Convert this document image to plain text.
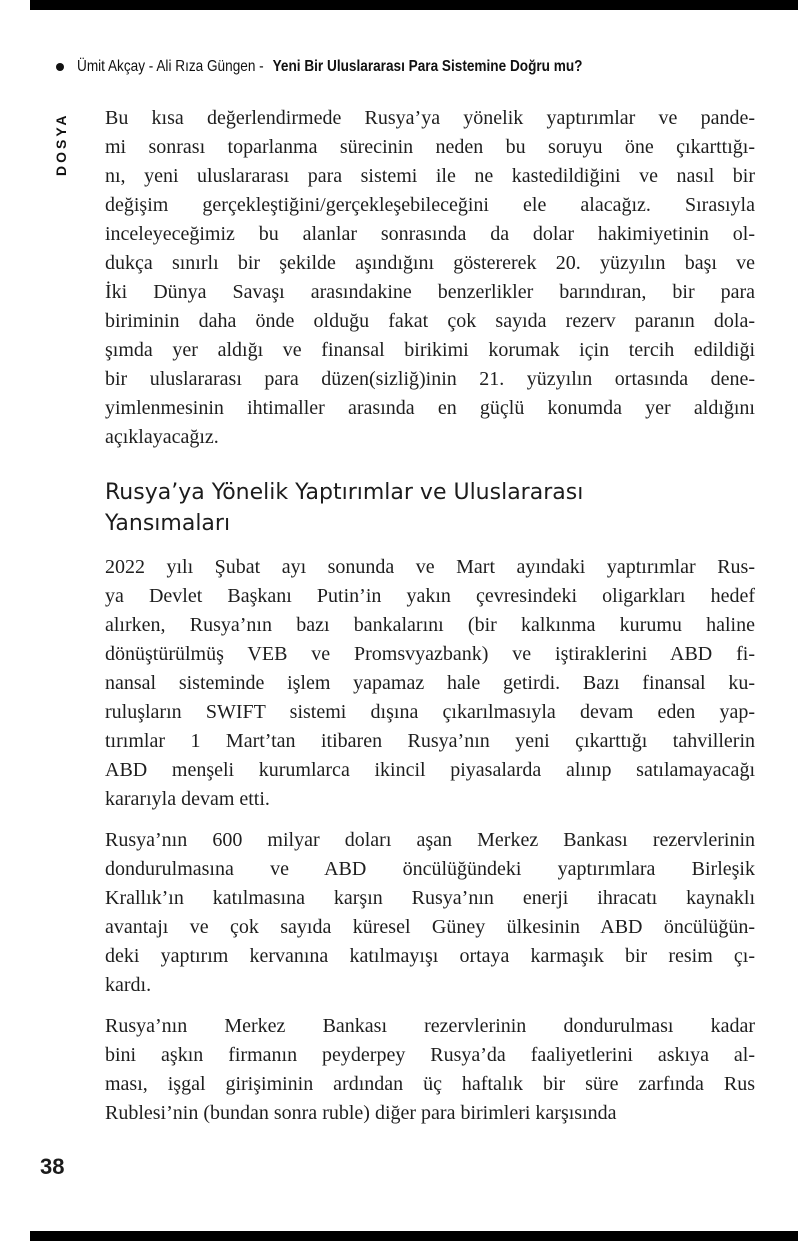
Ümit Akçay - Ali Rıza Güngen - Yeni Bir Uluslararası Para Sistemine Doğru mu?
DOSYA Bu kısa değerlendirmede Rusya’ya yönelik yaptırımlar ve pande-
mi sonrası toparlanma sürecinin neden bu soruyu öne çıkarttığı-
nı, yeni uluslararası para sistemi ile ne kastedildiğini ve nasıl bir
değişim gerçekleştiğini/gerçekleşebileceğini ele alacağız. Sırasıyla
inceleyeceğimiz bu alanlar sonrasında da dolar hakimiyetinin ol-
dukça sınırlı bir şekilde aşındığını göstererek 20. yüzyılın başı ve
İki Dünya Savaşı arasındakine benzerlikler barındıran, bir para
biriminin daha önde olduğu fakat çok sayıda rezerv paranın dola-
şımda yer aldığı ve finansal birikimi korumak için tercih edildiği
bir uluslararası para düzen(sizliğ)inin 21. yüzyılın ortasında dene-
yimlenmesinin ihtimaller arasında en güçlü konumda yer aldığını
açıklayacağız.
Rusya’ya Yönelik Yaptırımlar ve Uluslararası
Yansımaları
2022 yılı Şubat ayı sonunda ve Mart ayındaki yaptırımlar Rus-
ya Devlet Başkanı Putin’in yakın çevresindeki oligarkları hedef
alırken, Rusya’nın bazı bankalarını (bir kalkınma kurumu haline
dönüştürülmüş VEB ve Promsvyazbank) ve iştiraklerini ABD fi-
nansal sisteminde işlem yapamaz hale getirdi. Bazı finansal ku-
ruluşların SWIFT sistemi dışına çıkarılmasıyla devam eden yap-
tırımlar 1 Mart’tan itibaren Rusya’nın yeni çıkarttığı tahvillerin
ABD menşeli kurumlarca ikincil piyasalarda alınıp satılamayacağı
kararıyla devam etti.
Rusya’nın 600 milyar doları aşan Merkez Bankası rezervlerinin
dondurulmasına ve ABD öncülüğündeki yaptırımlara Birleşik
Krallık’ın katılmasına karşın Rusya’nın enerji ihracatı kaynaklı
avantajı ve çok sayıda küresel Güney ülkesinin ABD öncülüğün-
deki yaptırım kervanına katılmayışı ortaya karmaşık bir resim çı-
kardı.
Rusya’nın Merkez Bankası rezervlerinin dondurulması kadar
bini aşkın firmanın peyderpey Rusya’da faaliyetlerini askıya al-
ması, işgal girişiminin ardından üç haftalık bir süre zarfında Rus
Rublesi’nin (bundan sonra ruble) diğer para birimleri karşısında
38
